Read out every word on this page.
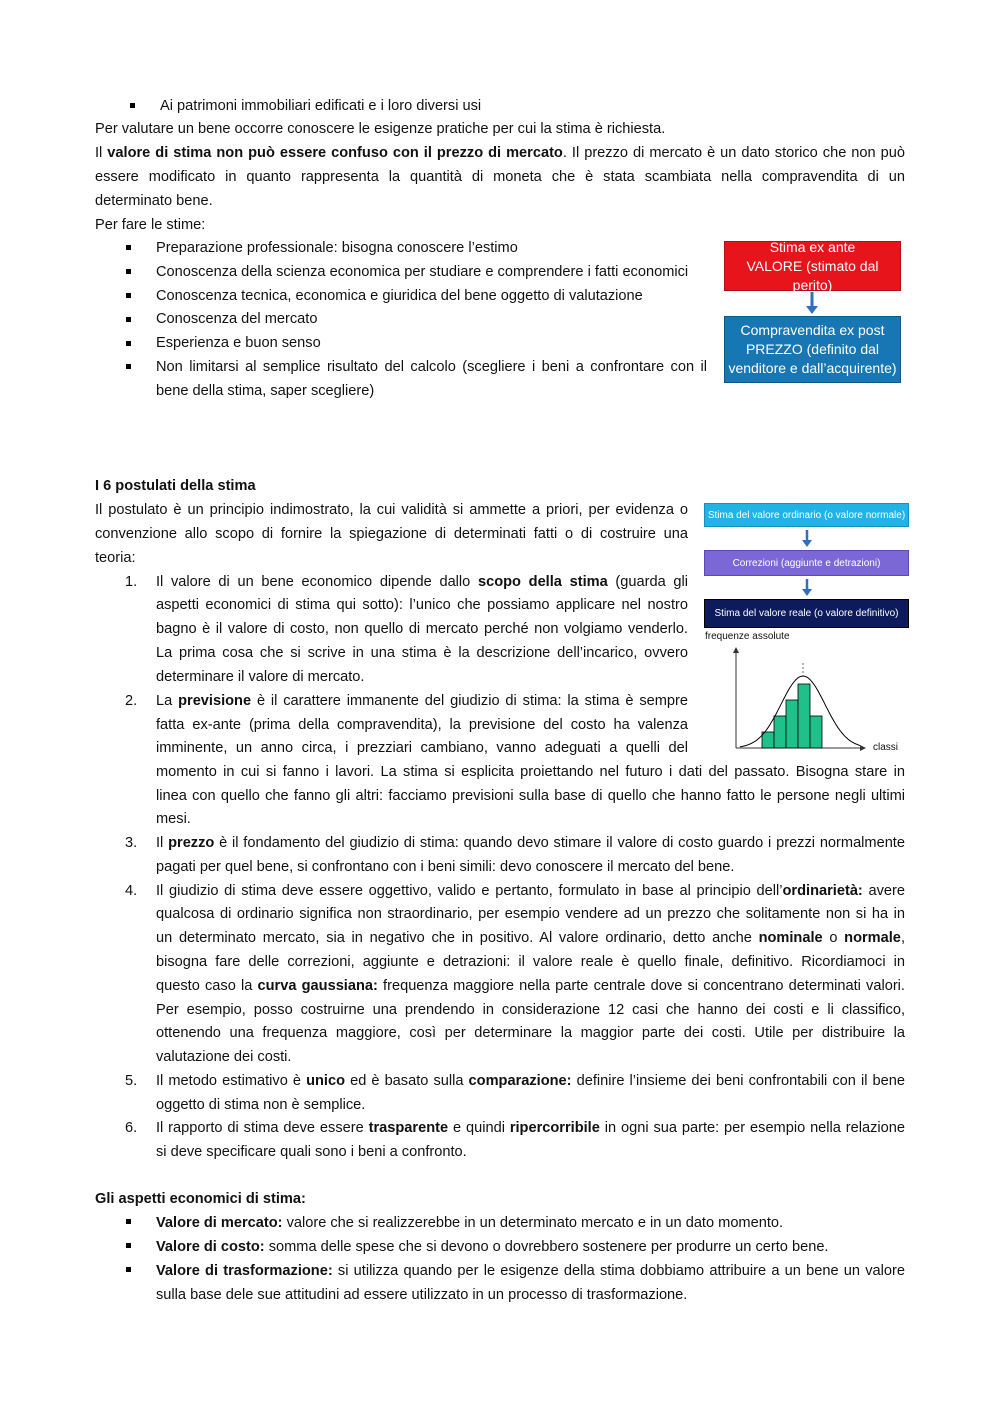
Ai patrimoni immobiliari edificati e i loro diversi usi
Per valutare un bene occorre conoscere le esigenze pratiche per cui la stima è richiesta.
Il valore di stima non può essere confuso con il prezzo di mercato. Il prezzo di mercato è un dato storico che non può
essere modificato in quanto rappresenta la quantità di moneta che è stata scambiata nella compravendita di un
determinato bene.
Per fare le stime:
Preparazione professionale: bisogna conoscere l’estimo
Conoscenza della scienza economica per studiare e comprendere i fatti economici
Conoscenza tecnica, economica e giuridica del bene oggetto di valutazione
Conoscenza del mercato
Esperienza e buon senso
Non limitarsi al semplice risultato del calcolo (scegliere i beni a confrontare con il
bene della stima, saper scegliere)
Stima ex ante
VALORE (stimato dal perito)
Compravendita ex post
PREZZO (definito dal
venditore e dall’acquirente)
I 6 postulati della stima
Il postulato è un principio indimostrato, la cui validità si ammette a priori, per evidenza o
convenzione allo scopo di fornire la spiegazione di determinati fatti o di costruire una
teoria:
Stima del valore ordinario (o valore normale)
Correzioni (aggiunte e detrazioni)
Stima del valore reale (o valore definitivo)
frequenze assolute
classi
1. Il valore di un bene economico dipende dallo scopo della stima (guarda gli
aspetti economici di stima qui sotto): l’unico che possiamo applicare nel nostro
bagno è il valore di costo, non quello di mercato perché non volgiamo venderlo.
La prima cosa che si scrive in una stima è la descrizione dell’incarico, ovvero
determinare il valore di mercato.
2. La previsione è il carattere immanente del giudizio di stima: la stima è sempre
fatta ex-ante (prima della compravendita), la previsione del costo ha valenza
imminente, un anno circa, i prezziari cambiano, vanno adeguati a quelli del
momento in cui si fanno i lavori. La stima si esplicita proiettando nel futuro i dati del passato. Bisogna stare in
linea con quello che fanno gli altri: facciamo previsioni sulla base di quello che hanno fatto le persone negli ultimi
mesi.
3. Il prezzo è il fondamento del giudizio di stima: quando devo stimare il valore di costo guardo i prezzi normalmente
pagati per quel bene, si confrontano con i beni simili: devo conoscere il mercato del bene.
4. Il giudizio di stima deve essere oggettivo, valido e pertanto, formulato in base al principio dell’ordinarietà: avere
qualcosa di ordinario significa non straordinario, per esempio vendere ad un prezzo che solitamente non si ha in
un determinato mercato, sia in negativo che in positivo. Al valore ordinario, detto anche nominale o normale,
bisogna fare delle correzioni, aggiunte e detrazioni: il valore reale è quello finale, definitivo. Ricordiamoci in
questo caso la curva gaussiana: frequenza maggiore nella parte centrale dove si concentrano determinati valori.
Per esempio, posso costruirne una prendendo in considerazione 12 casi che hanno dei costi e li classifico,
ottenendo una frequenza maggiore, così per determinare la maggior parte dei costi. Utile per distribuire la
valutazione dei costi.
5. Il metodo estimativo è unico ed è basato sulla comparazione: definire l’insieme dei beni confrontabili con il bene
oggetto di stima non è semplice.
6. Il rapporto di stima deve essere trasparente e quindi ripercorribile in ogni sua parte: per esempio nella relazione
si deve specificare quali sono i beni a confronto.
Gli aspetti economici di stima:
Valore di mercato: valore che si realizzerebbe in un determinato mercato e in un dato momento.
Valore di costo: somma delle spese che si devono o dovrebbero sostenere per produrre un certo bene.
Valore di trasformazione: si utilizza quando per le esigenze della stima dobbiamo attribuire a un bene un valore
sulla base dele sue attitudini ad essere utilizzato in un processo di trasformazione.
